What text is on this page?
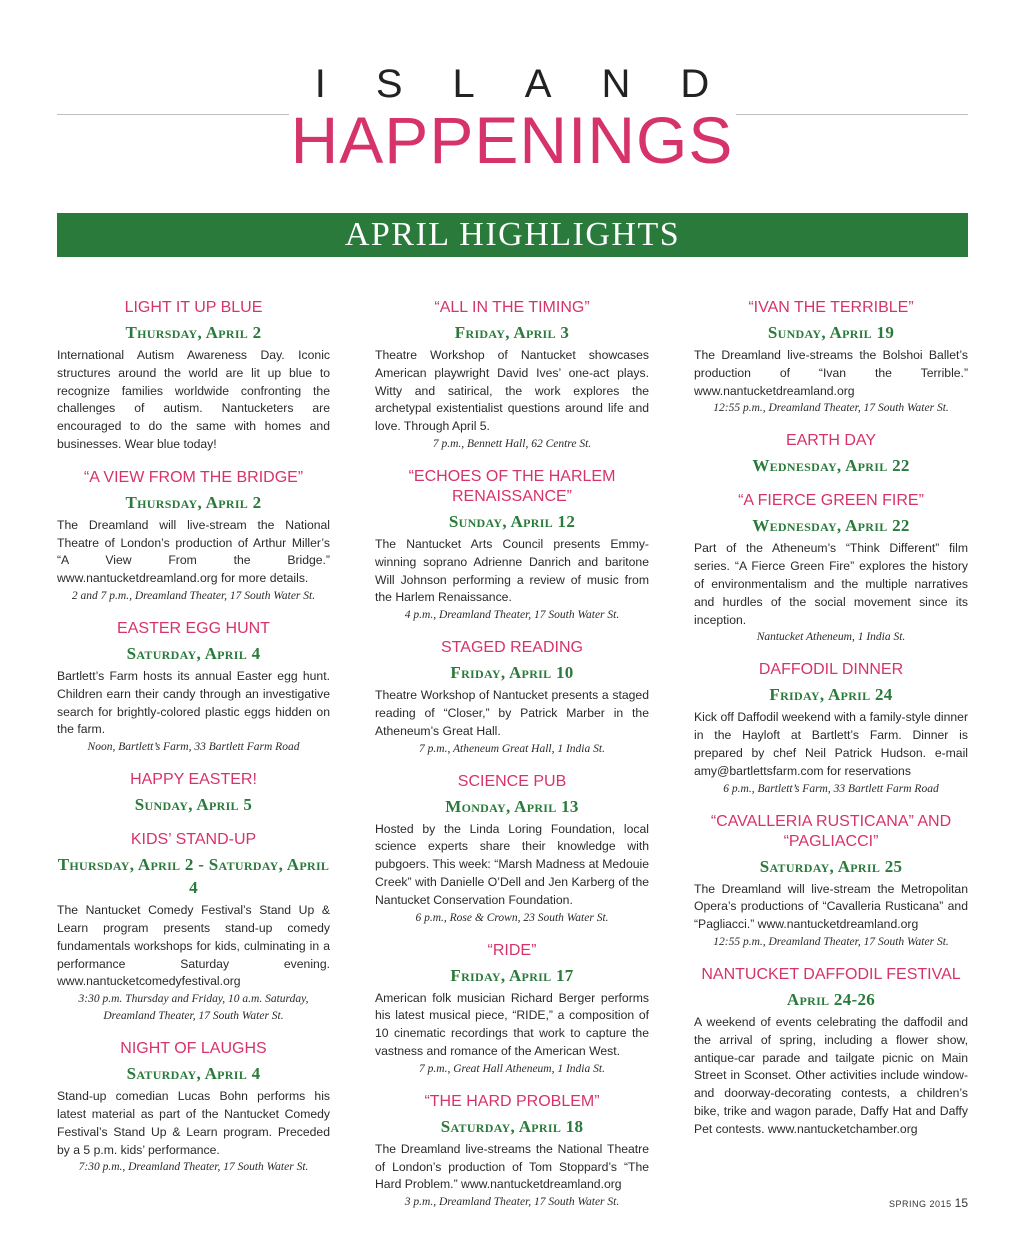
ISLAND
HAPPENINGS
APRIL HIGHLIGHTS
LIGHT IT UP BLUE
Thursday, April 2
International Autism Awareness Day. Iconic structures around the world are lit up blue to recognize families worldwide confronting the challenges of autism. Nantucketers are encouraged to do the same with homes and businesses. Wear blue today!
“A VIEW FROM THE BRIDGE”
Thursday, April 2
The Dreamland will live-stream the National Theatre of London’s production of Arthur Miller’s “A View From the Bridge.” www.nantucketdreamland.org for more details.
2 and 7 p.m., Dreamland Theater, 17 South Water St.
EASTER EGG HUNT
Saturday, April 4
Bartlett’s Farm hosts its annual Easter egg hunt. Children earn their candy through an investigative search for brightly-colored plastic eggs hidden on the farm.
Noon, Bartlett’s Farm, 33 Bartlett Farm Road
HAPPY EASTER!
Sunday, April 5
KIDS’ STAND-UP
Thursday, April 2 - Saturday, April 4
The Nantucket Comedy Festival’s Stand Up & Learn program presents stand-up comedy fundamentals workshops for kids, culminating in a performance Saturday evening. www.nantucketcomedyfestival.org
3:30 p.m. Thursday and Friday, 10 a.m. Saturday, Dreamland Theater, 17 South Water St.
NIGHT OF LAUGHS
Saturday, April 4
Stand-up comedian Lucas Bohn performs his latest material as part of the Nantucket Comedy Festival’s Stand Up & Learn program. Preceded by a 5 p.m. kids’ performance.
7:30 p.m., Dreamland Theater, 17 South Water St.
“ALL IN THE TIMING”
Friday, April 3
Theatre Workshop of Nantucket showcases American playwright David Ives’ one-act plays. Witty and satirical, the work explores the archetypal existentialist questions around life and love. Through April 5.
7 p.m., Bennett Hall, 62 Centre St.
“ECHOES OF THE HARLEM RENAISSANCE”
Sunday, April 12
The Nantucket Arts Council presents Emmy-winning soprano Adrienne Danrich and baritone Will Johnson performing a review of music from the Harlem Renaissance.
4 p.m., Dreamland Theater, 17 South Water St.
STAGED READING
Friday, April 10
Theatre Workshop of Nantucket presents a staged reading of “Closer,” by Patrick Marber in the Atheneum’s Great Hall.
7 p.m., Atheneum Great Hall, 1 India St.
SCIENCE PUB
Monday, April 13
Hosted by the Linda Loring Foundation, local science experts share their knowledge with pubgoers. This week: “Marsh Madness at Medouie Creek” with Danielle O’Dell and Jen Karberg of the Nantucket Conservation Foundation.
6 p.m., Rose & Crown, 23 South Water St.
“RIDE”
Friday, April 17
American folk musician Richard Berger performs his latest musical piece, “RIDE,” a composition of 10 cinematic recordings that work to capture the vastness and romance of the American West.
7 p.m., Great Hall Atheneum, 1 India St.
“THE HARD PROBLEM”
Saturday, April 18
The Dreamland live-streams the National Theatre of London’s production of Tom Stoppard’s “The Hard Problem.” www.nantucketdreamland.org
3 p.m., Dreamland Theater, 17 South Water St.
“IVAN THE TERRIBLE”
Sunday, April 19
The Dreamland live-streams the Bolshoi Ballet’s production of “Ivan the Terrible.” www.nantucketdreamland.org
12:55 p.m., Dreamland Theater, 17 South Water St.
EARTH DAY
Wednesday, April 22
“A FIERCE GREEN FIRE”
Wednesday, April 22
Part of the Atheneum’s “Think Different” film series. “A Fierce Green Fire” explores the history of environmentalism and the multiple narratives and hurdles of the social movement since its inception.
Nantucket Atheneum, 1 India St.
DAFFODIL DINNER
Friday, April 24
Kick off Daffodil weekend with a family-style dinner in the Hayloft at Bartlett’s Farm. Dinner is prepared by chef Neil Patrick Hudson. e-mail amy@bartlettsfarm.com for reservations
6 p.m., Bartlett’s Farm, 33 Bartlett Farm Road
“CAVALLERIA RUSTICANA” AND “PAGLIACCI”
Saturday, April 25
The Dreamland will live-stream the Metropolitan Opera’s productions of “Cavalleria Rusticana” and “Pagliacci.” www.nantucketdreamland.org
12:55 p.m., Dreamland Theater, 17 South Water St.
NANTUCKET DAFFODIL FESTIVAL
April 24-26
A weekend of events celebrating the daffodil and the arrival of spring, including a flower show, antique-car parade and tailgate picnic on Main Street in Sconset. Other activities include window- and doorway-decorating contests, a children’s bike, trike and wagon parade, Daffy Hat and Daffy Pet contests. www.nantucketchamber.org
SPRING 2015 15
